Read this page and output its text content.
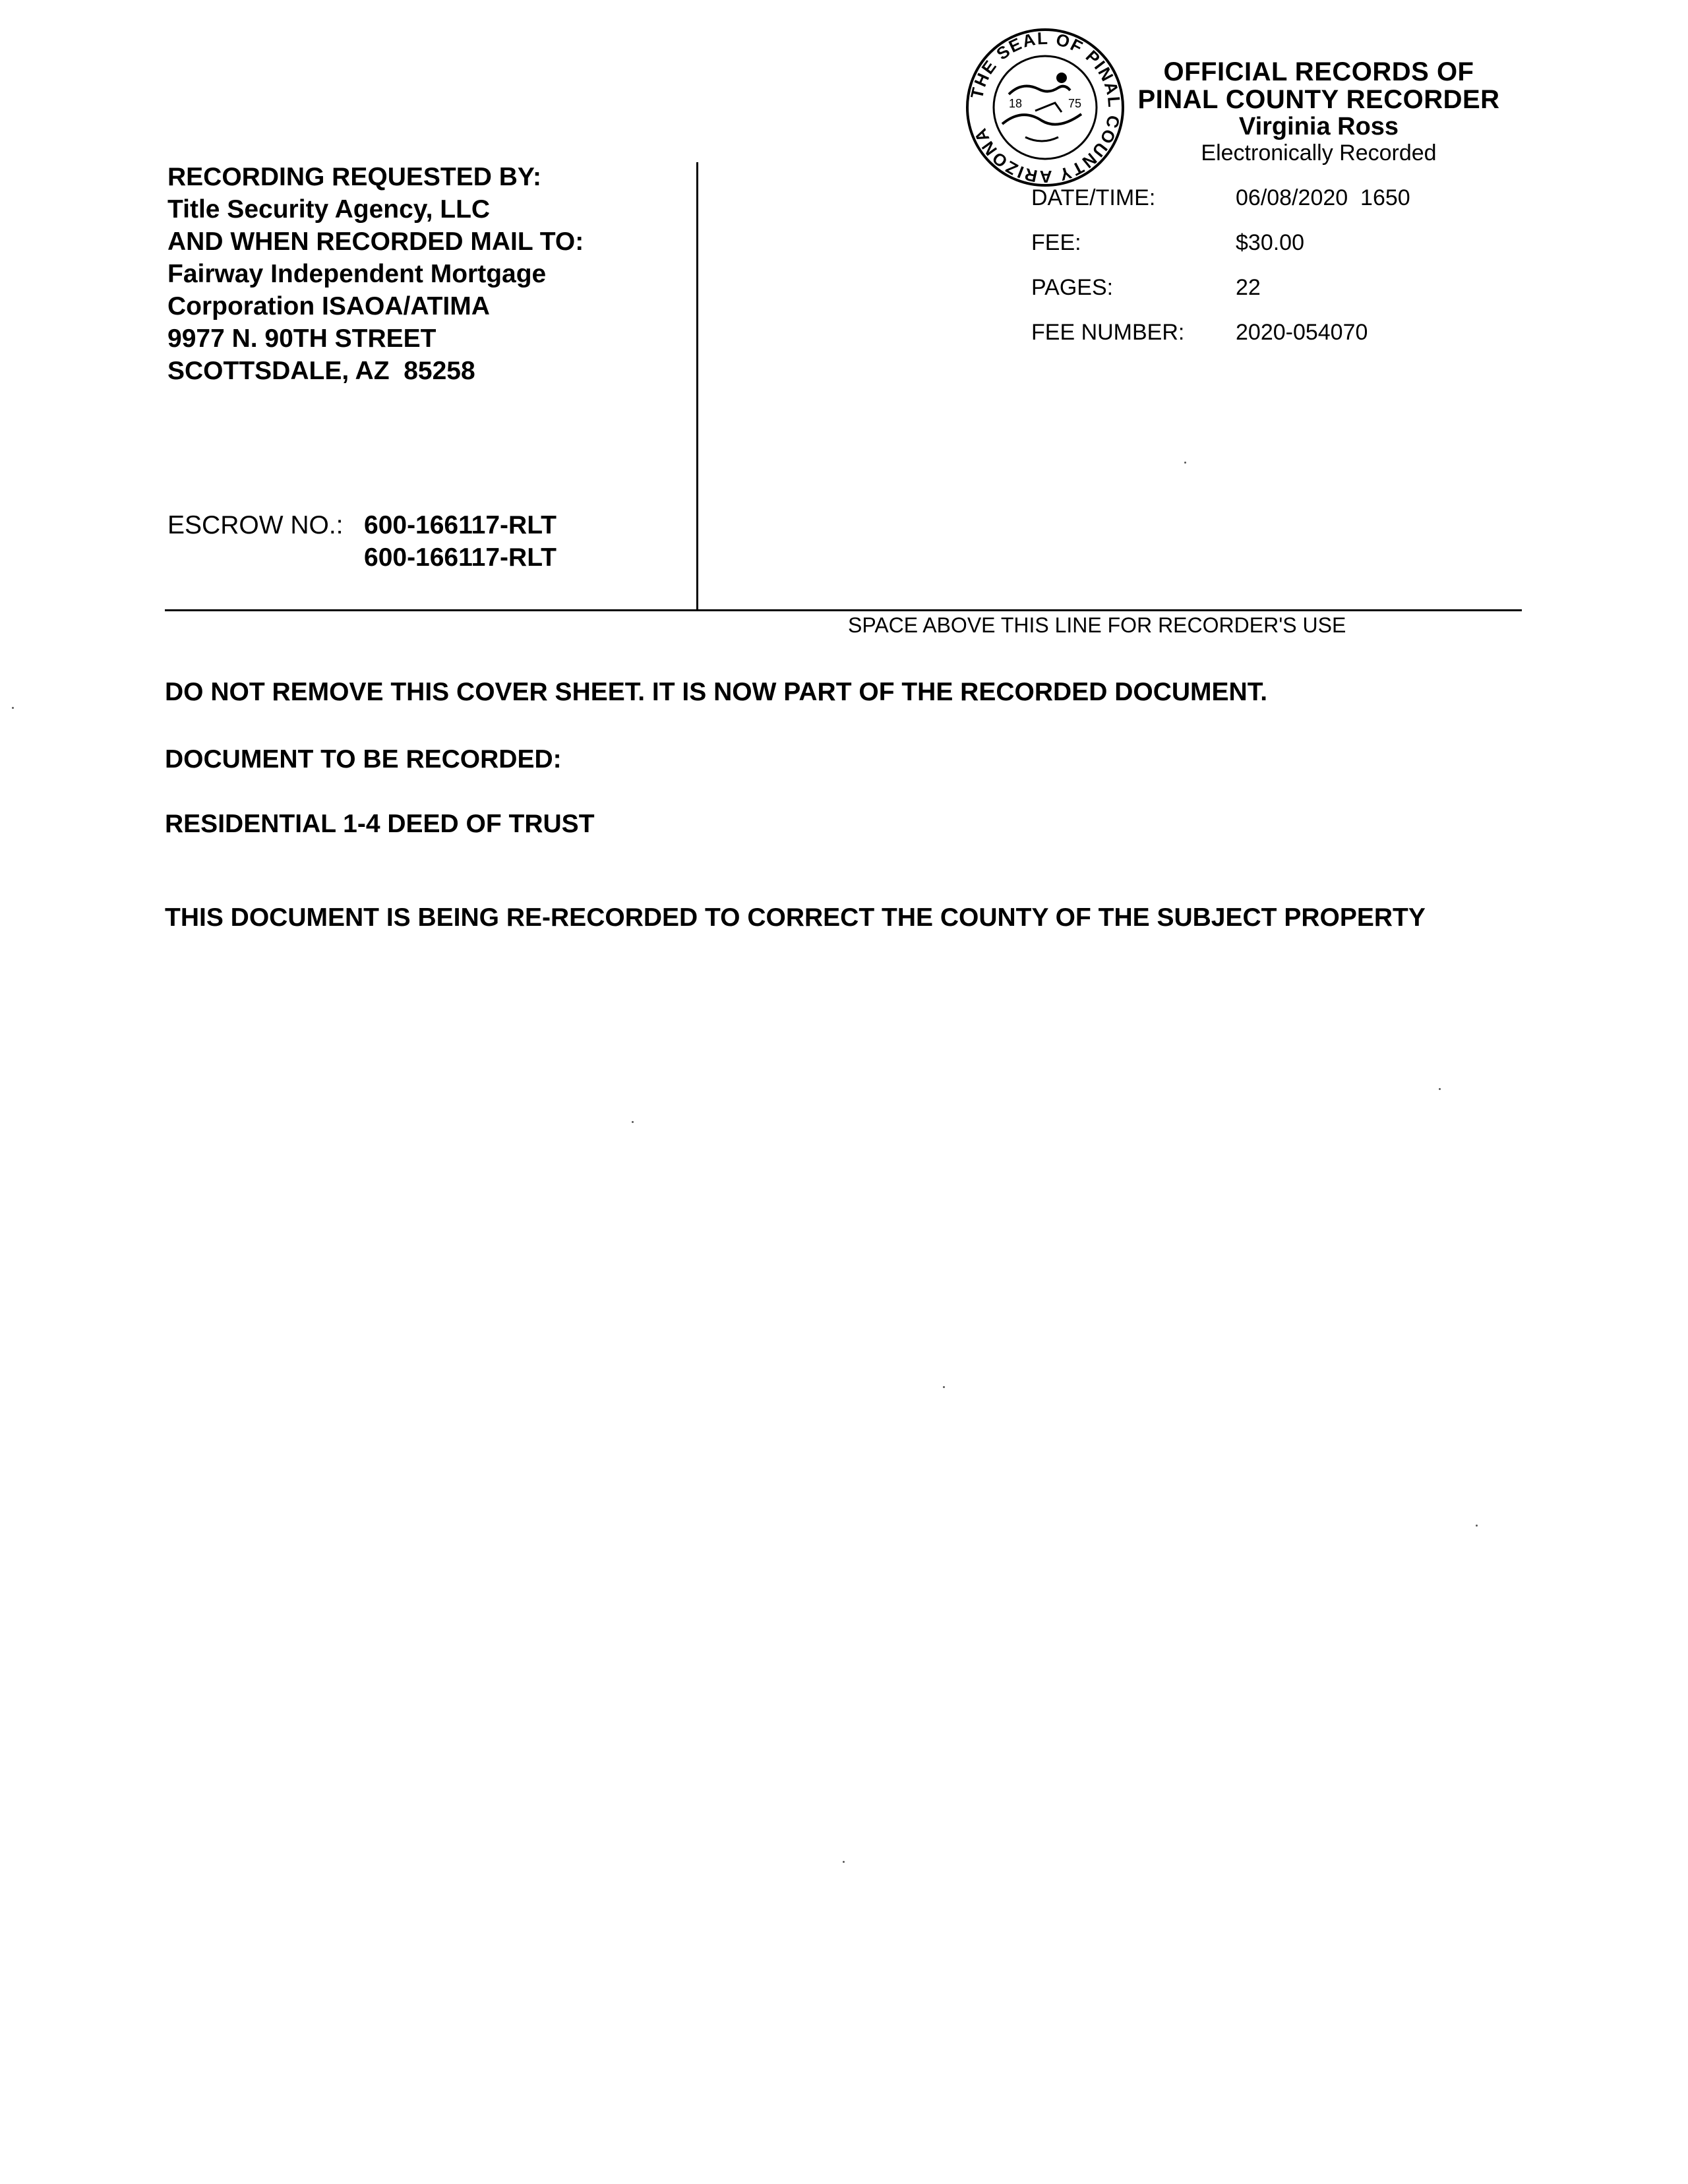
THE SEAL OF PINAL COUNTY ARIZONA
18	75
OFFICIAL RECORDS OF
PINAL COUNTY RECORDER
Virginia Ross
Electronically Recorded
DATE/TIME:	06/08/2020  1650
FEE:	$30.00
PAGES:	22
FEE NUMBER:	2020-054070
RECORDING REQUESTED BY:
Title Security Agency, LLC
AND WHEN RECORDED MAIL TO:
Fairway Independent Mortgage
Corporation ISAOA/ATIMA
9977 N. 90TH STREET
SCOTTSDALE, AZ  85258
ESCROW NO.: 600-166117-RLT
600-166117-RLT
SPACE ABOVE THIS LINE FOR RECORDER'S USE
DO NOT REMOVE THIS COVER SHEET. IT IS NOW PART OF THE RECORDED DOCUMENT.
DOCUMENT TO BE RECORDED:
RESIDENTIAL 1-4 DEED OF TRUST
THIS DOCUMENT IS BEING RE-RECORDED TO CORRECT THE COUNTY OF THE SUBJECT PROPERTY
